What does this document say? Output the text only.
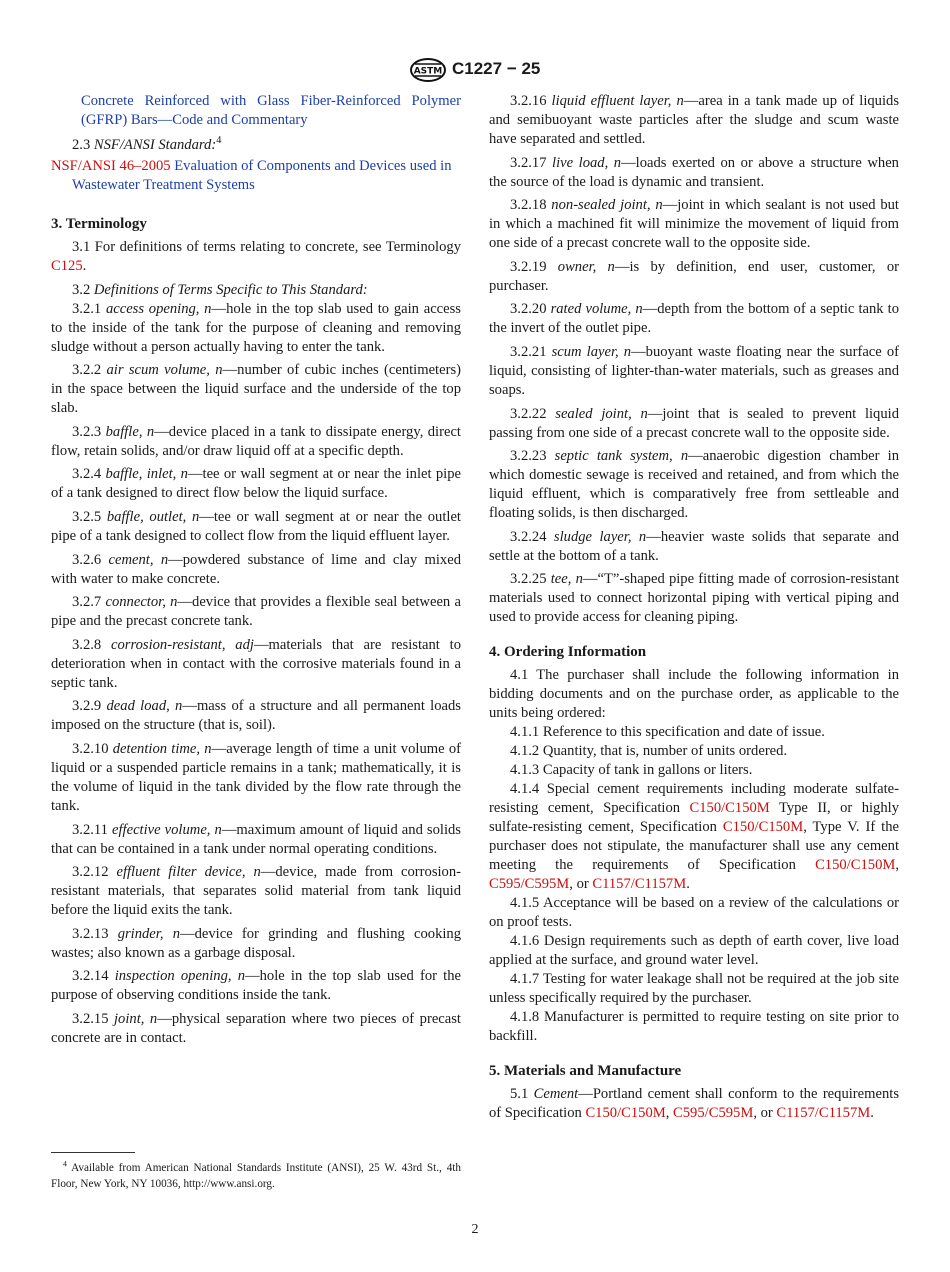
ASTM C1227 − 25

Concrete Reinforced with Glass Fiber-Reinforced Polymer (GFRP) Bars—Code and Commentary

2.3 NSF/ANSI Standard:$^4$

NSF/ANSI 46–2005 Evaluation of Components and Devices used in Wastewater Treatment Systems

3. Terminology

3.1 For definitions of terms relating to concrete, see Terminology C125.

3.2 Definitions of Terms Specific to This Standard:

3.2.1 access opening, n—hole in the top slab used to gain access to the inside of the tank for the purpose of cleaning and removing sludge without a person actually having to enter the tank.

3.2.2 air scum volume, n—number of cubic inches (centimeters) in the space between the liquid surface and the underside of the top slab.

3.2.3 baffle, n—device placed in a tank to dissipate energy, direct flow, retain solids, and/or draw liquid off at a specific depth.

3.2.4 baffle, inlet, n—tee or wall segment at or near the inlet pipe of a tank designed to direct flow below the liquid surface.

3.2.5 baffle, outlet, n—tee or wall segment at or near the outlet pipe of a tank designed to collect flow from the liquid effluent layer.

3.2.6 cement, n—powdered substance of lime and clay mixed with water to make concrete.

3.2.7 connector, n—device that provides a flexible seal between a pipe and the precast concrete tank.

3.2.8 corrosion-resistant, adj—materials that are resistant to deterioration when in contact with the corrosive materials found in a septic tank.

3.2.9 dead load, n—mass of a structure and all permanent loads imposed on the structure (that is, soil).

3.2.10 detention time, n—average length of time a unit volume of liquid or a suspended particle remains in a tank; mathematically, it is the volume of liquid in the tank divided by the flow rate through the tank.

3.2.11 effective volume, n—maximum amount of liquid and solids that can be contained in a tank under normal operating conditions.

3.2.12 effluent filter device, n—device, made from corrosion-resistant materials, that separates solid material from tank liquid before the liquid exits the tank.

3.2.13 grinder, n—device for grinding and flushing cooking wastes; also known as a garbage disposal.

3.2.14 inspection opening, n—hole in the top slab used for the purpose of observing conditions inside the tank.

3.2.15 joint, n—physical separation where two pieces of precast concrete are in contact.

3.2.16 liquid effluent layer, n—area in a tank made up of liquids and semibuoyant waste particles after the sludge and scum waste have separated and settled.

3.2.17 live load, n—loads exerted on or above a structure when the source of the load is dynamic and transient.

3.2.18 non-sealed joint, n—joint in which sealant is not used but in which a machined fit will minimize the movement of liquid from one side of a precast concrete wall to the opposite side.

3.2.19 owner, n—is by definition, end user, customer, or purchaser.

3.2.20 rated volume, n—depth from the bottom of a septic tank to the invert of the outlet pipe.

3.2.21 scum layer, n—buoyant waste floating near the surface of liquid, consisting of lighter-than-water materials, such as greases and soaps.

3.2.22 sealed joint, n—joint that is sealed to prevent liquid passing from one side of a precast concrete wall to the opposite side.

3.2.23 septic tank system, n—anaerobic digestion chamber in which domestic sewage is received and retained, and from which the liquid effluent, which is comparatively free from settleable and floating solids, is then discharged.

3.2.24 sludge layer, n—heavier waste solids that separate and settle at the bottom of a tank.

3.2.25 tee, n—“T”-shaped pipe fitting made of corrosion-resistant materials used to connect horizontal piping with vertical piping and used to provide access for cleaning piping.

4. Ordering Information

4.1 The purchaser shall include the following information in bidding documents and on the purchase order, as applicable to the units being ordered:

4.1.1 Reference to this specification and date of issue.

4.1.2 Quantity, that is, number of units ordered.

4.1.3 Capacity of tank in gallons or liters.

4.1.4 Special cement requirements including moderate sulfate-resisting cement, Specification C150/C150M Type II, or highly sulfate-resisting cement, Specification C150/C150M, Type V. If the purchaser does not stipulate, the manufacturer shall use any cement meeting the requirements of Specification C150/C150M, C595/C595M, or C1157/C1157M.

4.1.5 Acceptance will be based on a review of the calculations or on proof tests.

4.1.6 Design requirements such as depth of earth cover, live load applied at the surface, and ground water level.

4.1.7 Testing for water leakage shall not be required at the job site unless specifically required by the purchaser.

4.1.8 Manufacturer is permitted to require testing on site prior to backfill.

5. Materials and Manufacture

5.1 Cement—Portland cement shall conform to the requirements of Specification C150/C150M, C595/C595M, or C1157/C1157M.

$^4$ Available from American National Standards Institute (ANSI), 25 W. 43rd St., 4th Floor, New York, NY 10036, http://www.ansi.org.
2
